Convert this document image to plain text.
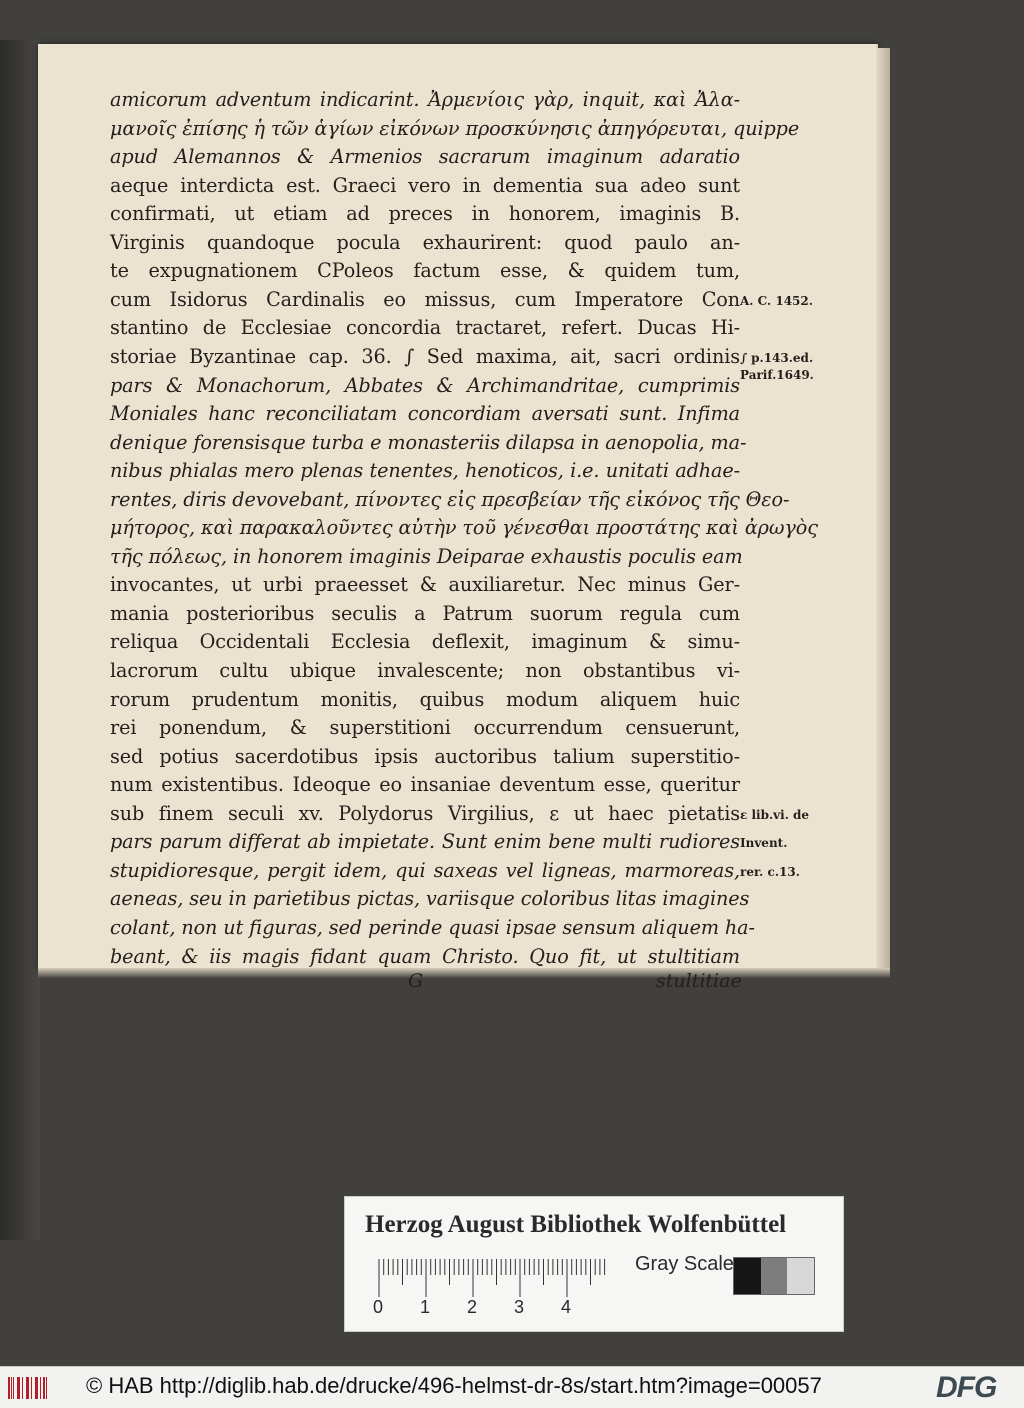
amicorum adventum indicarint. Ἀρμενίοις γὰρ, inquit, καὶ Ἀλα-
μανοῖς ἐπίσης ἡ τῶν ἁγίων εἰκόνων προσκύνησις ἀπηγόρευται, quippe
apud Alemannos & Armenios sacrarum imaginum adaratio
aeque interdicta est. Graeci vero in dementia sua adeo sunt
confirmati, ut etiam ad preces in honorem, imaginis B.
Virginis quandoque pocula exhaurirent: quod paulo an-
te expugnationem CPoleos factum esse, & quidem tum,
cum Isidorus Cardinalis eo missus, cum Imperatore Con
stantino de Ecclesiae concordia tractaret, refert. Ducas Hi-
storiae Byzantinae cap. 36. ∫ Sed maxima, ait, sacri ordinis
pars & Monachorum, Abbates & Archimandritae, cumprimis
Moniales hanc reconciliatam concordiam aversati sunt. Infima
denique forensisque turba e monasteriis dilapsa in aenopolia, ma-
nibus phialas mero plenas tenentes, henoticos, i.e. unitati adhae-
rentes, diris devovebant, πίνοντες εἰς πρεσβείαν τῆς εἰκόνος τῆς Θεο-
μήτορος, καὶ παρακαλοῦντες αὐτὴν τοῦ γένεσθαι προστάτης καὶ ἀρωγὸς
τῆς πόλεως, in honorem imaginis Deiparae exhaustis poculis eam
invocantes, ut urbi praeesset & auxiliaretur. Nec minus Ger-
mania posterioribus seculis a Patrum suorum regula cum
reliqua Occidentali Ecclesia deflexit, imaginum & simu-
lacrorum cultu ubique invalescente; non obstantibus vi-
rorum prudentum monitis, quibus modum aliquem huic
rei ponendum, & superstitioni occurrendum censuerunt,
sed potius sacerdotibus ipsis auctoribus talium superstitio-
num existentibus. Ideoque eo insaniae deventum esse, queritur
sub finem seculi xv. Polydorus Virgilius, ε ut haec pietatis
pars parum differat ab impietate. Sunt enim bene multi rudiores
stupidioresque, pergit idem, qui saxeas vel ligneas, marmoreas,
aeneas, seu in parietibus pictas, variisque coloribus litas imagines
colant, non ut figuras, sed perinde quasi ipsae sensum aliquem ha-
beant, & iis magis fidant quam Christo. Quo fit, ut stultitiam
A. C. 1452.
∫ p.143.ed.
Parif.1649.
ε lib.vi. de
Invent.
rer. c.13.
G	stultitiae
Herzog August Bibliothek Wolfenbüttel
0 1 2 3 4
Gray Scale
© HAB http://diglib.hab.de/drucke/496-helmst-dr-8s/start.htm?image=00057	DFG
